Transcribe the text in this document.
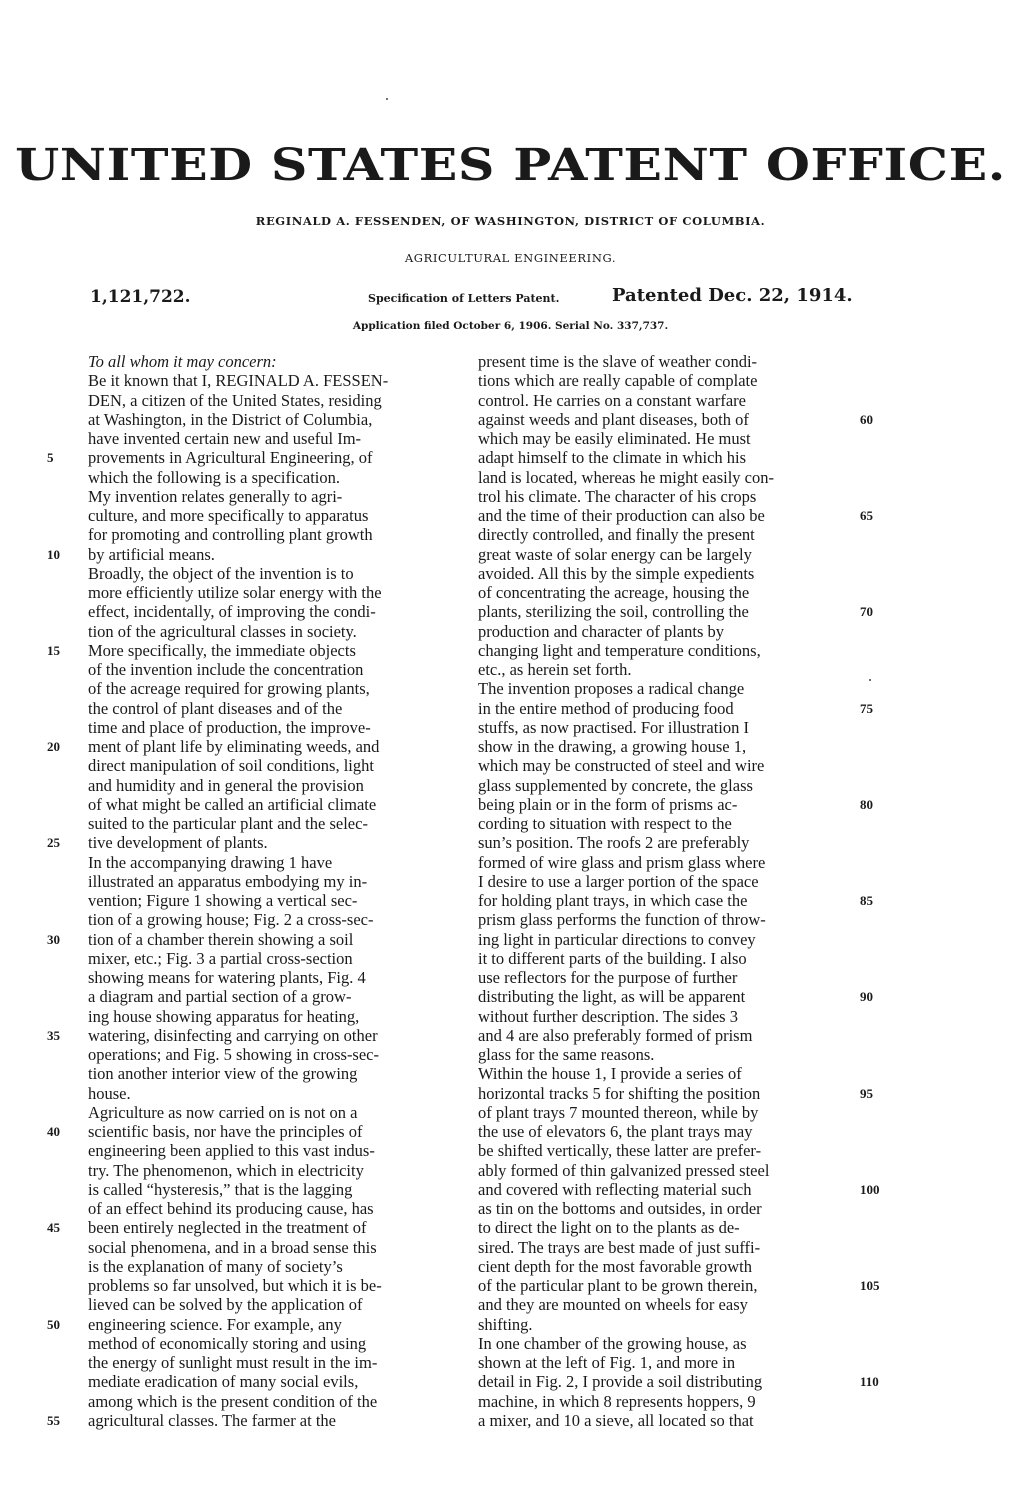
UNITED STATES PATENT OFFICE.
REGINALD A. FESSENDEN, OF WASHINGTON, DISTRICT OF COLUMBIA.
AGRICULTURAL ENGINEERING.
1,121,722.	Specification of Letters Patent.	Patented Dec. 22, 1914.
Application filed October 6, 1906. Serial No. 337,737.
To all whom it may concern:
Be it known that I, REGINALD A. FESSEN-
DEN, a citizen of the United States, residing
at Washington, in the District of Columbia,
have invented certain new and useful Im-
provements in Agricultural Engineering, of
which the following is a specification.
My invention relates generally to agri-
culture, and more specifically to apparatus
for promoting and controlling plant growth
by artificial means.
Broadly, the object of the invention is to
more efficiently utilize solar energy with the
effect, incidentally, of improving the condi-
tion of the agricultural classes in society.
More specifically, the immediate objects
of the invention include the concentration
of the acreage required for growing plants,
the control of plant diseases and of the
time and place of production, the improve-
ment of plant life by eliminating weeds, and
direct manipulation of soil conditions, light
and humidity and in general the provision
of what might be called an artificial climate
suited to the particular plant and the selec-
tive development of plants.
In the accompanying drawing 1 have
illustrated an apparatus embodying my in-
vention; Figure 1 showing a vertical sec-
tion of a growing house; Fig. 2 a cross-sec-
tion of a chamber therein showing a soil
mixer, etc.; Fig. 3 a partial cross-section
showing means for watering plants, Fig. 4
a diagram and partial section of a grow-
ing house showing apparatus for heating,
watering, disinfecting and carrying on other
operations; and Fig. 5 showing in cross-sec-
tion another interior view of the growing
house.
Agriculture as now carried on is not on a
scientific basis, nor have the principles of
engineering been applied to this vast indus-
try. The phenomenon, which in electricity
is called “hysteresis,” that is the lagging
of an effect behind its producing cause, has
been entirely neglected in the treatment of
social phenomena, and in a broad sense this
is the explanation of many of society’s
problems so far unsolved, but which it is be-
lieved can be solved by the application of
engineering science. For example, any
method of economically storing and using
the energy of sunlight must result in the im-
mediate eradication of many social evils,
among which is the present condition of the
agricultural classes. The farmer at the
present time is the slave of weather condi-
tions which are really capable of complate
control. He carries on a constant warfare
against weeds and plant diseases, both of
which may be easily eliminated. He must
adapt himself to the climate in which his
land is located, whereas he might easily con-
trol his climate. The character of his crops
and the time of their production can also be
directly controlled, and finally the present
great waste of solar energy can be largely
avoided. All this by the simple expedients
of concentrating the acreage, housing the
plants, sterilizing the soil, controlling the
production and character of plants by
changing light and temperature conditions,
etc., as herein set forth.
The invention proposes a radical change
in the entire method of producing food
stuffs, as now practised. For illustration I
show in the drawing, a growing house 1,
which may be constructed of steel and wire
glass supplemented by concrete, the glass
being plain or in the form of prisms ac-
cording to situation with respect to the
sun’s position. The roofs 2 are preferably
formed of wire glass and prism glass where
I desire to use a larger portion of the space
for holding plant trays, in which case the
prism glass performs the function of throw-
ing light in particular directions to convey
it to different parts of the building. I also
use reflectors for the purpose of further
distributing the light, as will be apparent
without further description. The sides 3
and 4 are also preferably formed of prism
glass for the same reasons.
Within the house 1, I provide a series of
horizontal tracks 5 for shifting the position
of plant trays 7 mounted thereon, while by
the use of elevators 6, the plant trays may
be shifted vertically, these latter are prefer-
ably formed of thin galvanized pressed steel
and covered with reflecting material such
as tin on the bottoms and outsides, in order
to direct the light on to the plants as de-
sired. The trays are best made of just suffi-
cient depth for the most favorable growth
of the particular plant to be grown therein,
and they are mounted on wheels for easy
shifting.
In one chamber of the growing house, as
shown at the left of Fig. 1, and more in
detail in Fig. 2, I provide a soil distributing
machine, in which 8 represents hoppers, 9
a mixer, and 10 a sieve, all located so that
5
10
15
20
25
30
35
40
45
50
55
60
65
70
75
80
85
90
95
100
105
110
